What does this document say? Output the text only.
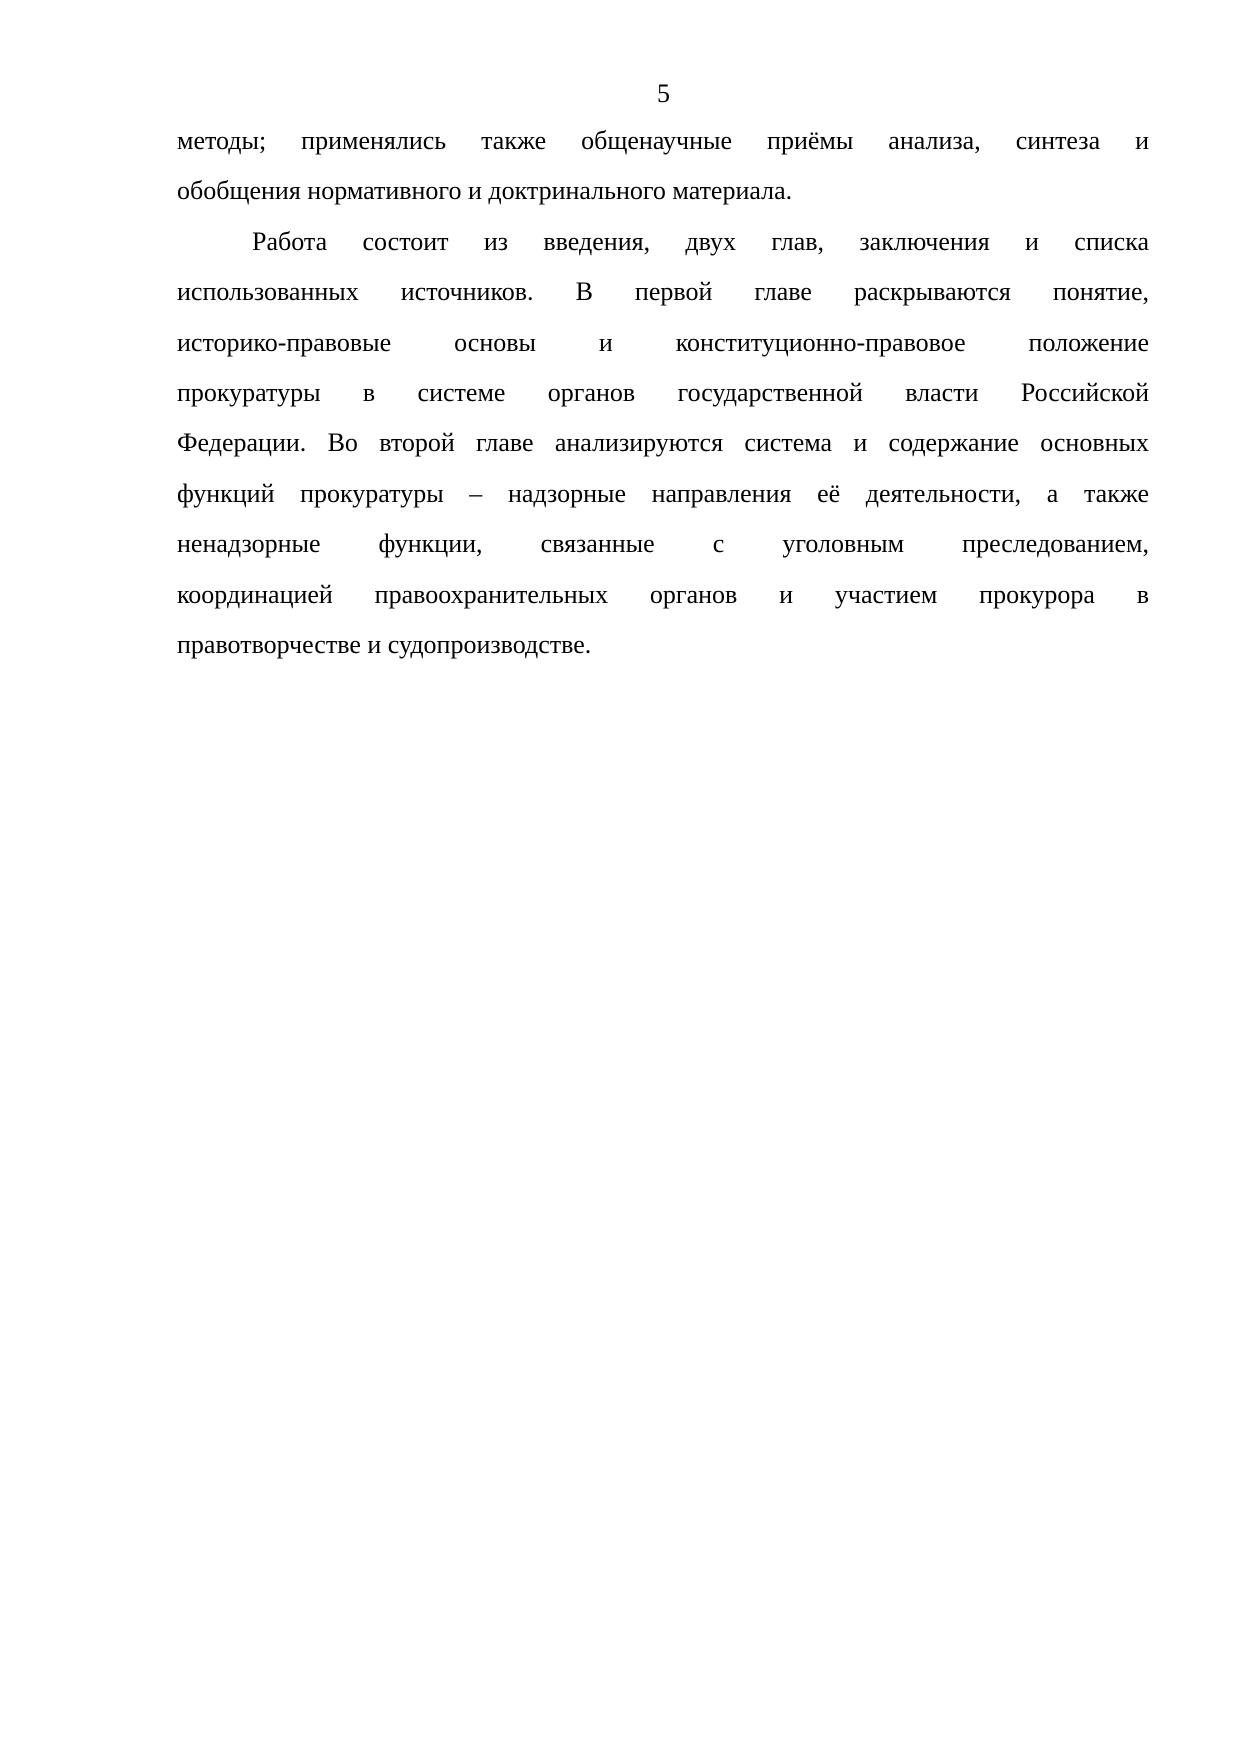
5
методы; применялись также общенаучные приёмы анализа, синтеза и
обобщения нормативного и доктринального материала.
Работа состоит из введения, двух глав, заключения и списка
использованных источников. В первой главе раскрываются понятие,
историко-правовые основы и конституционно-правовое положение
прокуратуры в системе органов государственной власти Российской
Федерации. Во второй главе анализируются система и содержание основных
функций прокуратуры – надзорные направления её деятельности, а также
ненадзорные функции, связанные с уголовным преследованием,
координацией правоохранительных органов и участием прокурора в
правотворчестве и судопроизводстве.
